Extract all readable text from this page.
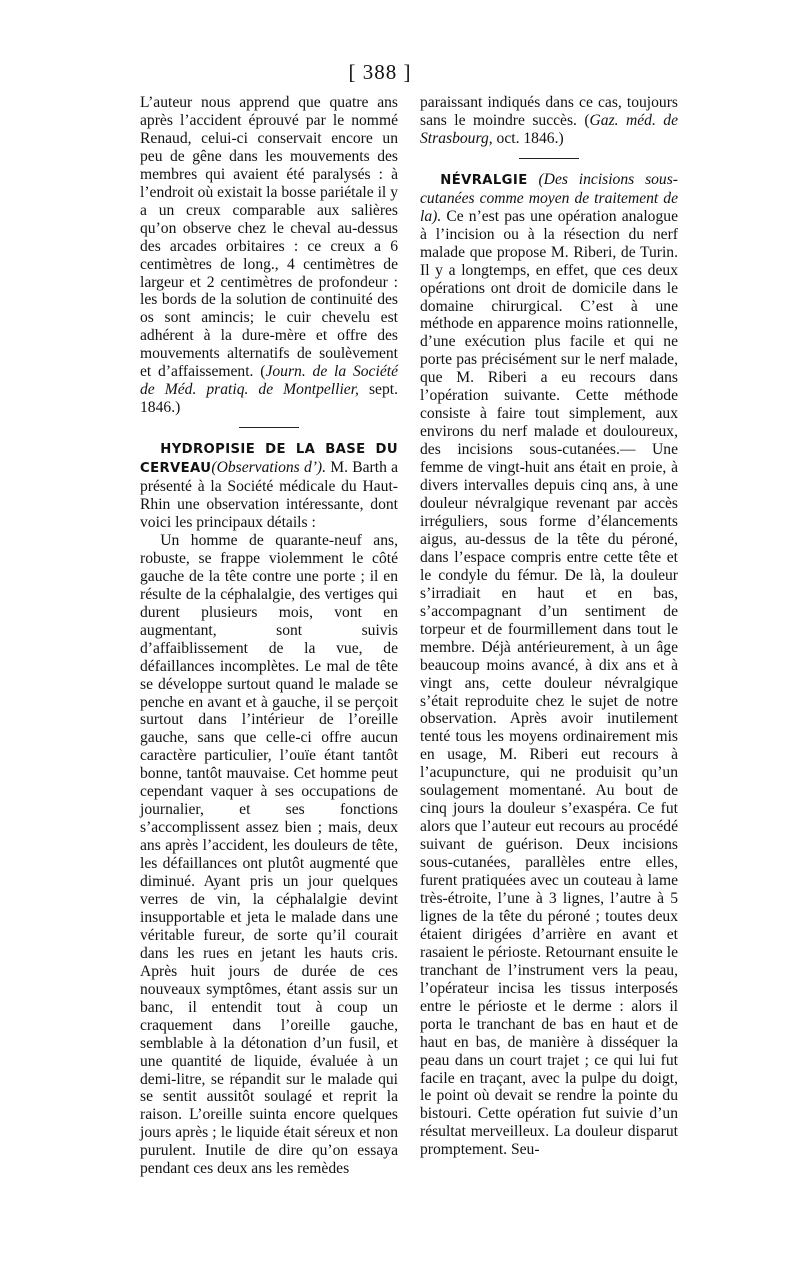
[ 388 ]

L’auteur nous apprend que quatre ans après l’accident éprouvé par le nommé Renaud, celui-ci conservait encore un peu de gêne dans les mouvements des membres qui avaient été paralysés : à l’endroit où existait la bosse pariétale il y a un creux comparable aux salières qu’on observe chez le cheval au-dessus des arcades orbitaires : ce creux a 6 centimètres de long., 4 centimètres de largeur et 2 centimètres de profondeur : les bords de la solution de continuité des os sont amincis; le cuir chevelu est adhérent à la dure-mère et offre des mouvements alternatifs de soulèvement et d’affaissement. (Journ. de la Société de Méd. pratiq. de Montpellier, sept. 1846.)

HYDROPISIE DE LA BASE DU CERVEAU(Observations d’). M. Barth a présenté à la Société médicale du Haut-Rhin une observation intéressante, dont voici les principaux détails :

Un homme de quarante-neuf ans, robuste, se frappe violemment le côté gauche de la tête contre une porte ; il en résulte de la céphalalgie, des vertiges qui durent plusieurs mois, vont en augmentant, sont suivis d’affaiblissement de la vue, de défaillances incomplètes. Le mal de tête se développe surtout quand le malade se penche en avant et à gauche, il se perçoit surtout dans l’intérieur de l’oreille gauche, sans que celle-ci offre aucun caractère particulier, l’ouïe étant tantôt bonne, tantôt mauvaise. Cet homme peut cependant vaquer à ses occupations de journalier, et ses fonctions s’accomplissent assez bien ; mais, deux ans après l’accident, les douleurs de tête, les défaillances ont plutôt augmenté que diminué. Ayant pris un jour quelques verres de vin, la céphalalgie devint insupportable et jeta le malade dans une véritable fureur, de sorte qu’il courait dans les rues en jetant les hauts cris. Après huit jours de durée de ces nouveaux symptômes, étant assis sur un banc, il entendit tout à coup un craquement dans l’oreille gauche, semblable à la détonation d’un fusil, et une quantité de liquide, évaluée à un demi-litre, se répandit sur le malade qui se sentit aussitôt soulagé et reprit la raison. L’oreille suinta encore quelques jours après ; le liquide était séreux et non purulent. Inutile de dire qu’on essaya pendant ces deux ans les remèdes

paraissant indiqués dans ce cas, toujours sans le moindre succès. (Gaz. méd. de Strasbourg, oct. 1846.)

NÉVRALGIE (Des incisions sous-cutanées comme moyen de traitement de la). Ce n’est pas une opération analogue à l’incision ou à la résection du nerf malade que propose M. Riberi, de Turin. Il y a longtemps, en effet, que ces deux opérations ont droit de domicile dans le domaine chirurgical. C’est à une méthode en apparence moins rationnelle, d’une exécution plus facile et qui ne porte pas précisément sur le nerf malade, que M. Riberi a eu recours dans l’opération suivante. Cette méthode consiste à faire tout simplement, aux environs du nerf malade et douloureux, des incisions sous-cutanées.— Une femme de vingt-huit ans était en proie, à divers intervalles depuis cinq ans, à une douleur névralgique revenant par accès irréguliers, sous forme d’élancements aigus, au-dessus de la tête du péroné, dans l’espace compris entre cette tête et le condyle du fémur. De là, la douleur s’irradiait en haut et en bas, s’accompagnant d’un sentiment de torpeur et de fourmillement dans tout le membre. Déjà antérieurement, à un âge beaucoup moins avancé, à dix ans et à vingt ans, cette douleur névralgique s’était reproduite chez le sujet de notre observation. Après avoir inutilement tenté tous les moyens ordinairement mis en usage, M. Riberi eut recours à l’acupuncture, qui ne produisit qu’un soulagement momentané. Au bout de cinq jours la douleur s’exaspéra. Ce fut alors que l’auteur eut recours au procédé suivant de guérison. Deux incisions sous-cutanées, parallèles entre elles, furent pratiquées avec un couteau à lame très-étroite, l’une à 3 lignes, l’autre à 5 lignes de la tête du péroné ; toutes deux étaient dirigées d’arrière en avant et rasaient le périoste. Retournant ensuite le tranchant de l’instrument vers la peau, l’opérateur incisa les tissus interposés entre le périoste et le derme : alors il porta le tranchant de bas en haut et de haut en bas, de manière à disséquer la peau dans un court trajet ; ce qui lui fut facile en traçant, avec la pulpe du doigt, le point où devait se rendre la pointe du bistouri. Cette opération fut suivie d’un résultat merveilleux. La douleur disparut promptement. Seu-
